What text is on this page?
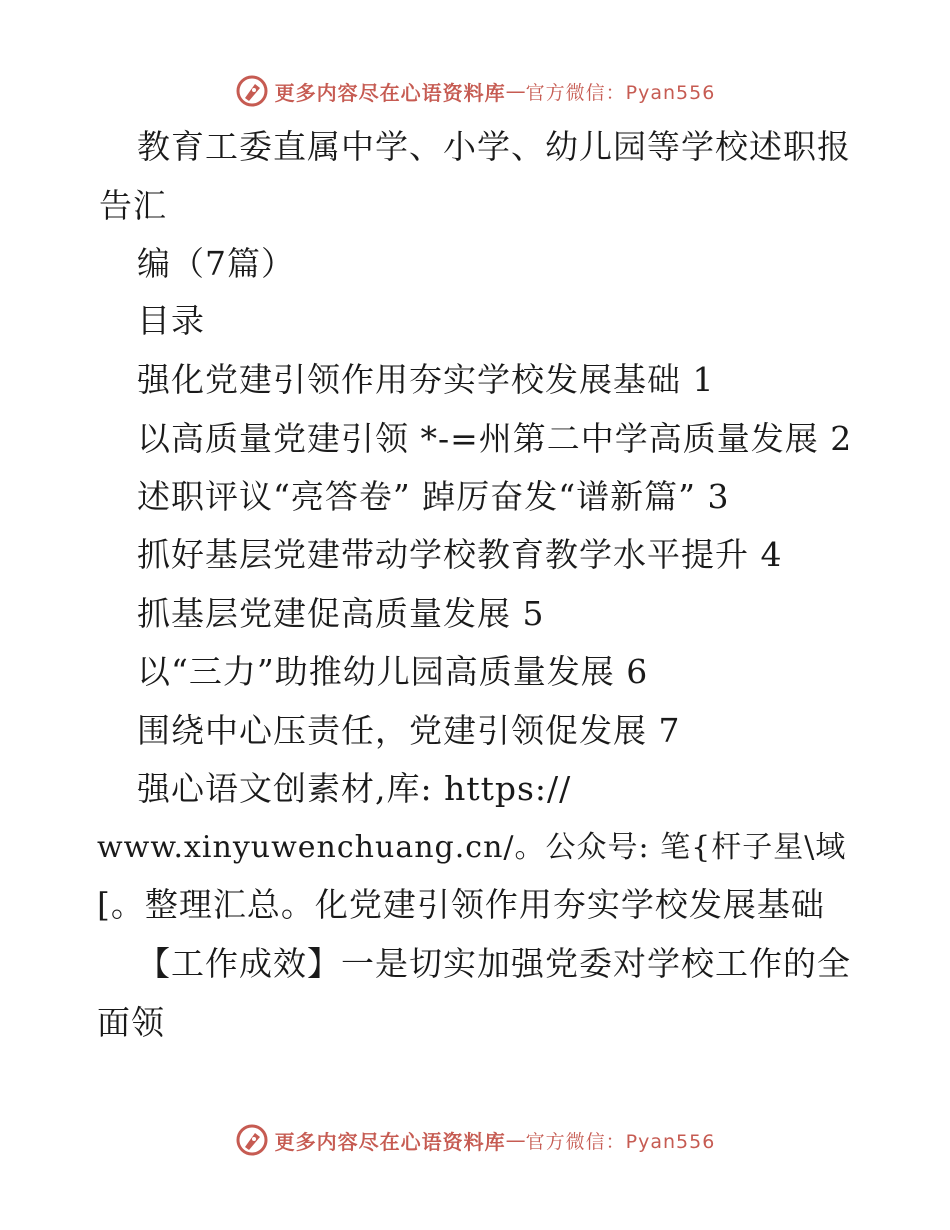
更多内容尽在心语资料库 — 官方微信：Pyan556
教育工委直属中学、小学、幼儿园等学校述职报
告汇
编（7篇）
目录
强化党建引领作用夯实学校发展基础 1
以高质量党建引领 *-=州第二中学高质量发展 2
述职评议“亮答卷” 踔厉奋发“谱新篇” 3
抓好基层党建带动学校教育教学水平提升 4
抓基层党建促高质量发展 5
以“三力”助推幼儿园高质量发展 6
围绕中心压责任，党建引领促发展 7
强心语文创素材,库: https://
www.xinyuwenchuang.cn/。公众号: 笔{杆子星\域
[。整理汇总。化党建引领作用夯实学校发展基础
【工作成效】一是切实加强党委对学校工作的全
面领
更多内容尽在心语资料库 — 官方微信：Pyan556
